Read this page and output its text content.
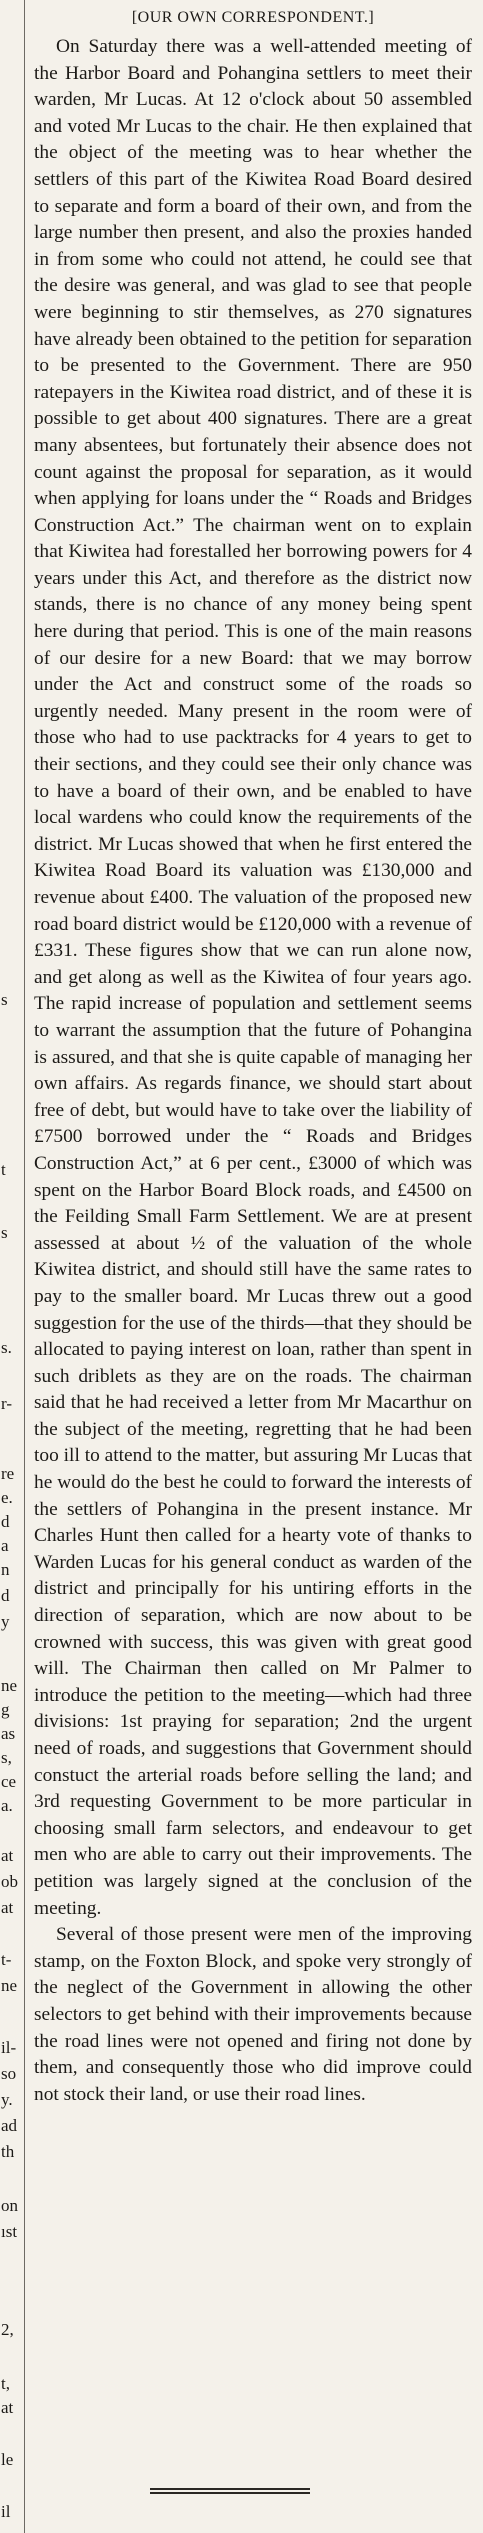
s
t
s
s.
r-
re
e.
d
a
n
d
y
ne
g
as
s,
ce
a.
at
ob
at
t-
ne
il-
so
y.
ad
th
on
ıst
2,
t,
at
le
il
[OUR OWN CORRESPONDENT.]

On Saturday there was a well-attended meeting of the Harbor Board and Pohangina settlers to meet their warden, Mr Lucas. At 12 o'clock about 50 assembled and voted Mr Lucas to the chair. He then explained that the object of the meeting was to hear whether the settlers of this part of the Kiwitea Road Board desired to separate and form a board of their own, and from the large number then present, and also the proxies handed in from some who could not attend, he could see that the desire was general, and was glad to see that people were beginning to stir themselves, as 270 signatures have already been obtained to the petition for separation to be presented to the Government. There are 950 ratepayers in the Kiwitea road district, and of these it is possible to get about 400 signatures. There are a great many absentees, but fortunately their absence does not count against the proposal for separation, as it would when applying for loans under the “ Roads and Bridges Construction Act.” The chairman went on to explain that Kiwitea had forestalled her borrowing powers for 4 years under this Act, and therefore as the district now stands, there is no chance of any money being spent here during that period. This is one of the main reasons of our desire for a new Board: that we may borrow under the Act and construct some of the roads so urgently needed. Many present in the room were of those who had to use packtracks for 4 years to get to their sections, and they could see their only chance was to have a board of their own, and be enabled to have local wardens who could know the requirements of the district. Mr Lucas showed that when he first entered the Kiwitea Road Board its valuation was £130,000 and revenue about £400. The valuation of the proposed new road board district would be £120,000 with a revenue of £331. These figures show that we can run alone now, and get along as well as the Kiwitea of four years ago. The rapid increase of population and settlement seems to warrant the assumption that the future of Pohangina is assured, and that she is quite capable of managing her own affairs. As regards finance, we should start about free of debt, but would have to take over the liability of £7500 borrowed under the “ Roads and Bridges Construction Act,” at 6 per cent., £3000 of which was spent on the Harbor Board Block roads, and £4500 on the Feilding Small Farm Settlement. We are at present assessed at about ½ of the valuation of the whole Kiwitea district, and should still have the same rates to pay to the smaller board. Mr Lucas threw out a good suggestion for the use of the thirds—that they should be allocated to paying interest on loan, rather than spent in such driblets as they are on the roads. The chairman said that he had received a letter from Mr Macarthur on the subject of the meeting, regretting that he had been too ill to attend to the matter, but assuring Mr Lucas that he would do the best he could to forward the interests of the settlers of Pohangina in the present instance. Mr Charles Hunt then called for a hearty vote of thanks to Warden Lucas for his general conduct as warden of the district and principally for his untiring efforts in the direction of separation, which are now about to be crowned with success, this was given with great good will. The Chairman then called on Mr Palmer to introduce the petition to the meeting—which had three divisions: 1st praying for separation; 2nd the urgent need of roads, and suggestions that Government should constuct the arterial roads before selling the land; and 3rd requesting Government to be more particular in choosing small farm selectors, and endeavour to get men who are able to carry out their improvements. The petition was largely signed at the conclusion of the meeting.

Several of those present were men of the improving stamp, on the Foxton Block, and spoke very strongly of the neglect of the Government in allowing the other selectors to get behind with their improvements because the road lines were not opened and firing not done by them, and consequently those who did improve could not stock their land, or use their road lines.
